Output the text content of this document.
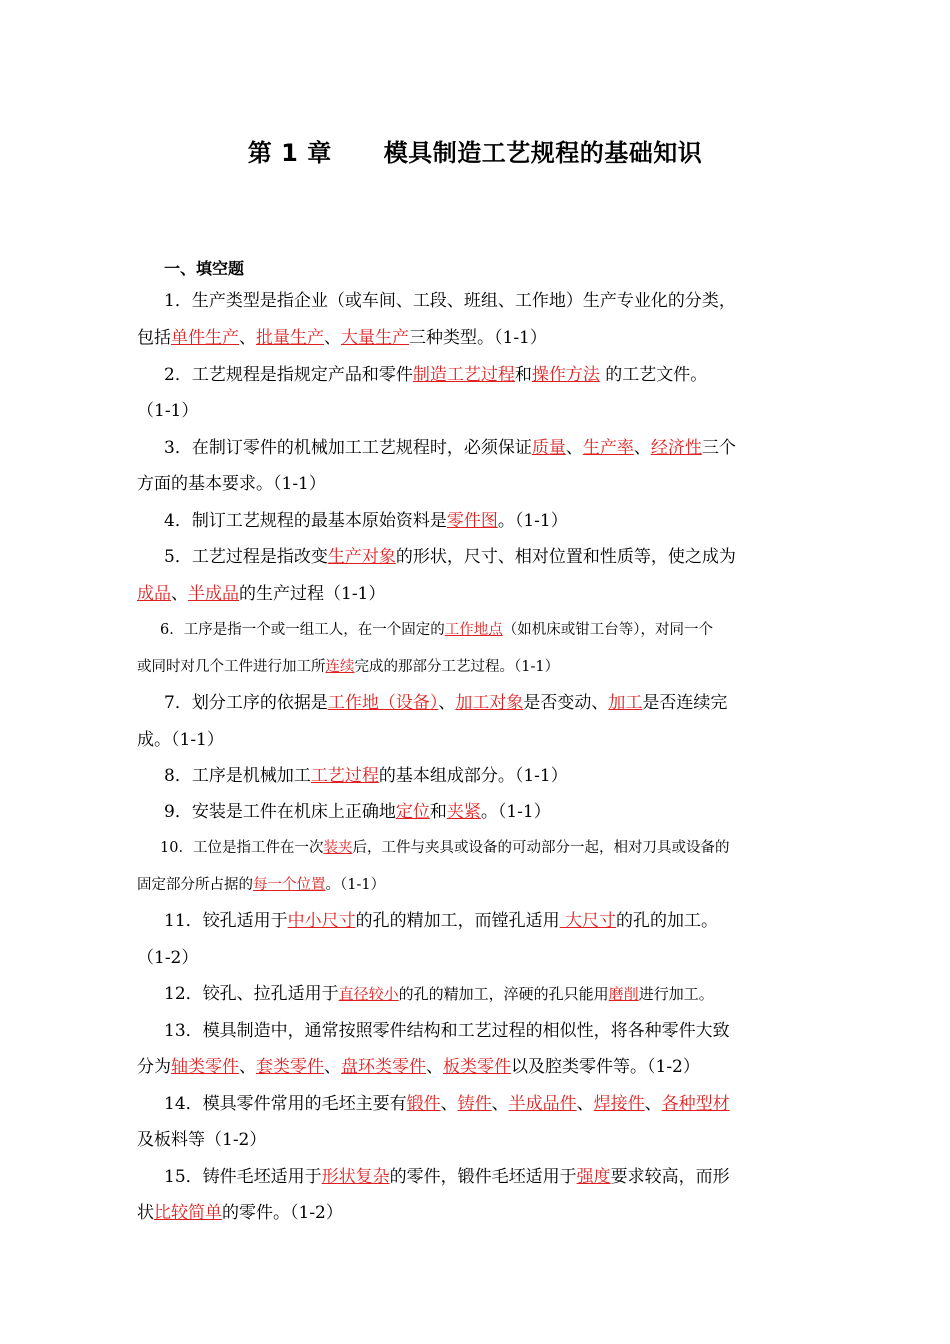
第 1 章 模具制造工艺规程的基础知识
一、填空题
1．生产类型是指企业（或车间、工段、班组、工作地）生产专业化的分类，
包括单件生产、批量生产、大量生产三种类型。（1-1）
2．工艺规程是指规定产品和零件制造工艺过程和操作方法 的工艺文件。
（1-1）
3．在制订零件的机械加工工艺规程时，必须保证质量、生产率、经济性三个
方面的基本要求。（1-1）
4．制订工艺规程的最基本原始资料是零件图。（1-1）
5．工艺过程是指改变生产对象的形状，尺寸、相对位置和性质等，使之成为
成品、半成品的生产过程（1-1）
6．工序是指一个或一组工人，在一个固定的工作地点（如机床或钳工台等），对同一个
或同时对几个工件进行加工所连续完成的那部分工艺过程。（1-1）
7．划分工序的依据是工作地（设备）、加工对象是否变动、加工是否连续完
成。（1-1）
8．工序是机械加工工艺过程的基本组成部分。（1-1）
9．安装是工件在机床上正确地定位和夹紧。（1-1）
10．工位是指工件在一次装夹后，工件与夹具或设备的可动部分一起，相对刀具或设备的
固定部分所占据的每一个位置。（1-1）
11．铰孔适用于中小尺寸的孔的精加工，而镗孔适用 大尺寸的孔的加工。
（1-2）
12．铰孔、拉孔适用于直径较小的孔的精加工，淬硬的孔只能用磨削进行加工。
13．模具制造中，通常按照零件结构和工艺过程的相似性，将各种零件大致
分为轴类零件、套类零件、盘环类零件、板类零件以及腔类零件等。（1-2）
14．模具零件常用的毛坯主要有锻件、铸件、半成品件、焊接件、各种型材
及板料等（1-2）
15．铸件毛坯适用于形状复杂的零件，锻件毛坯适用于强度要求较高，而形
状比较简单的零件。（1-2）
